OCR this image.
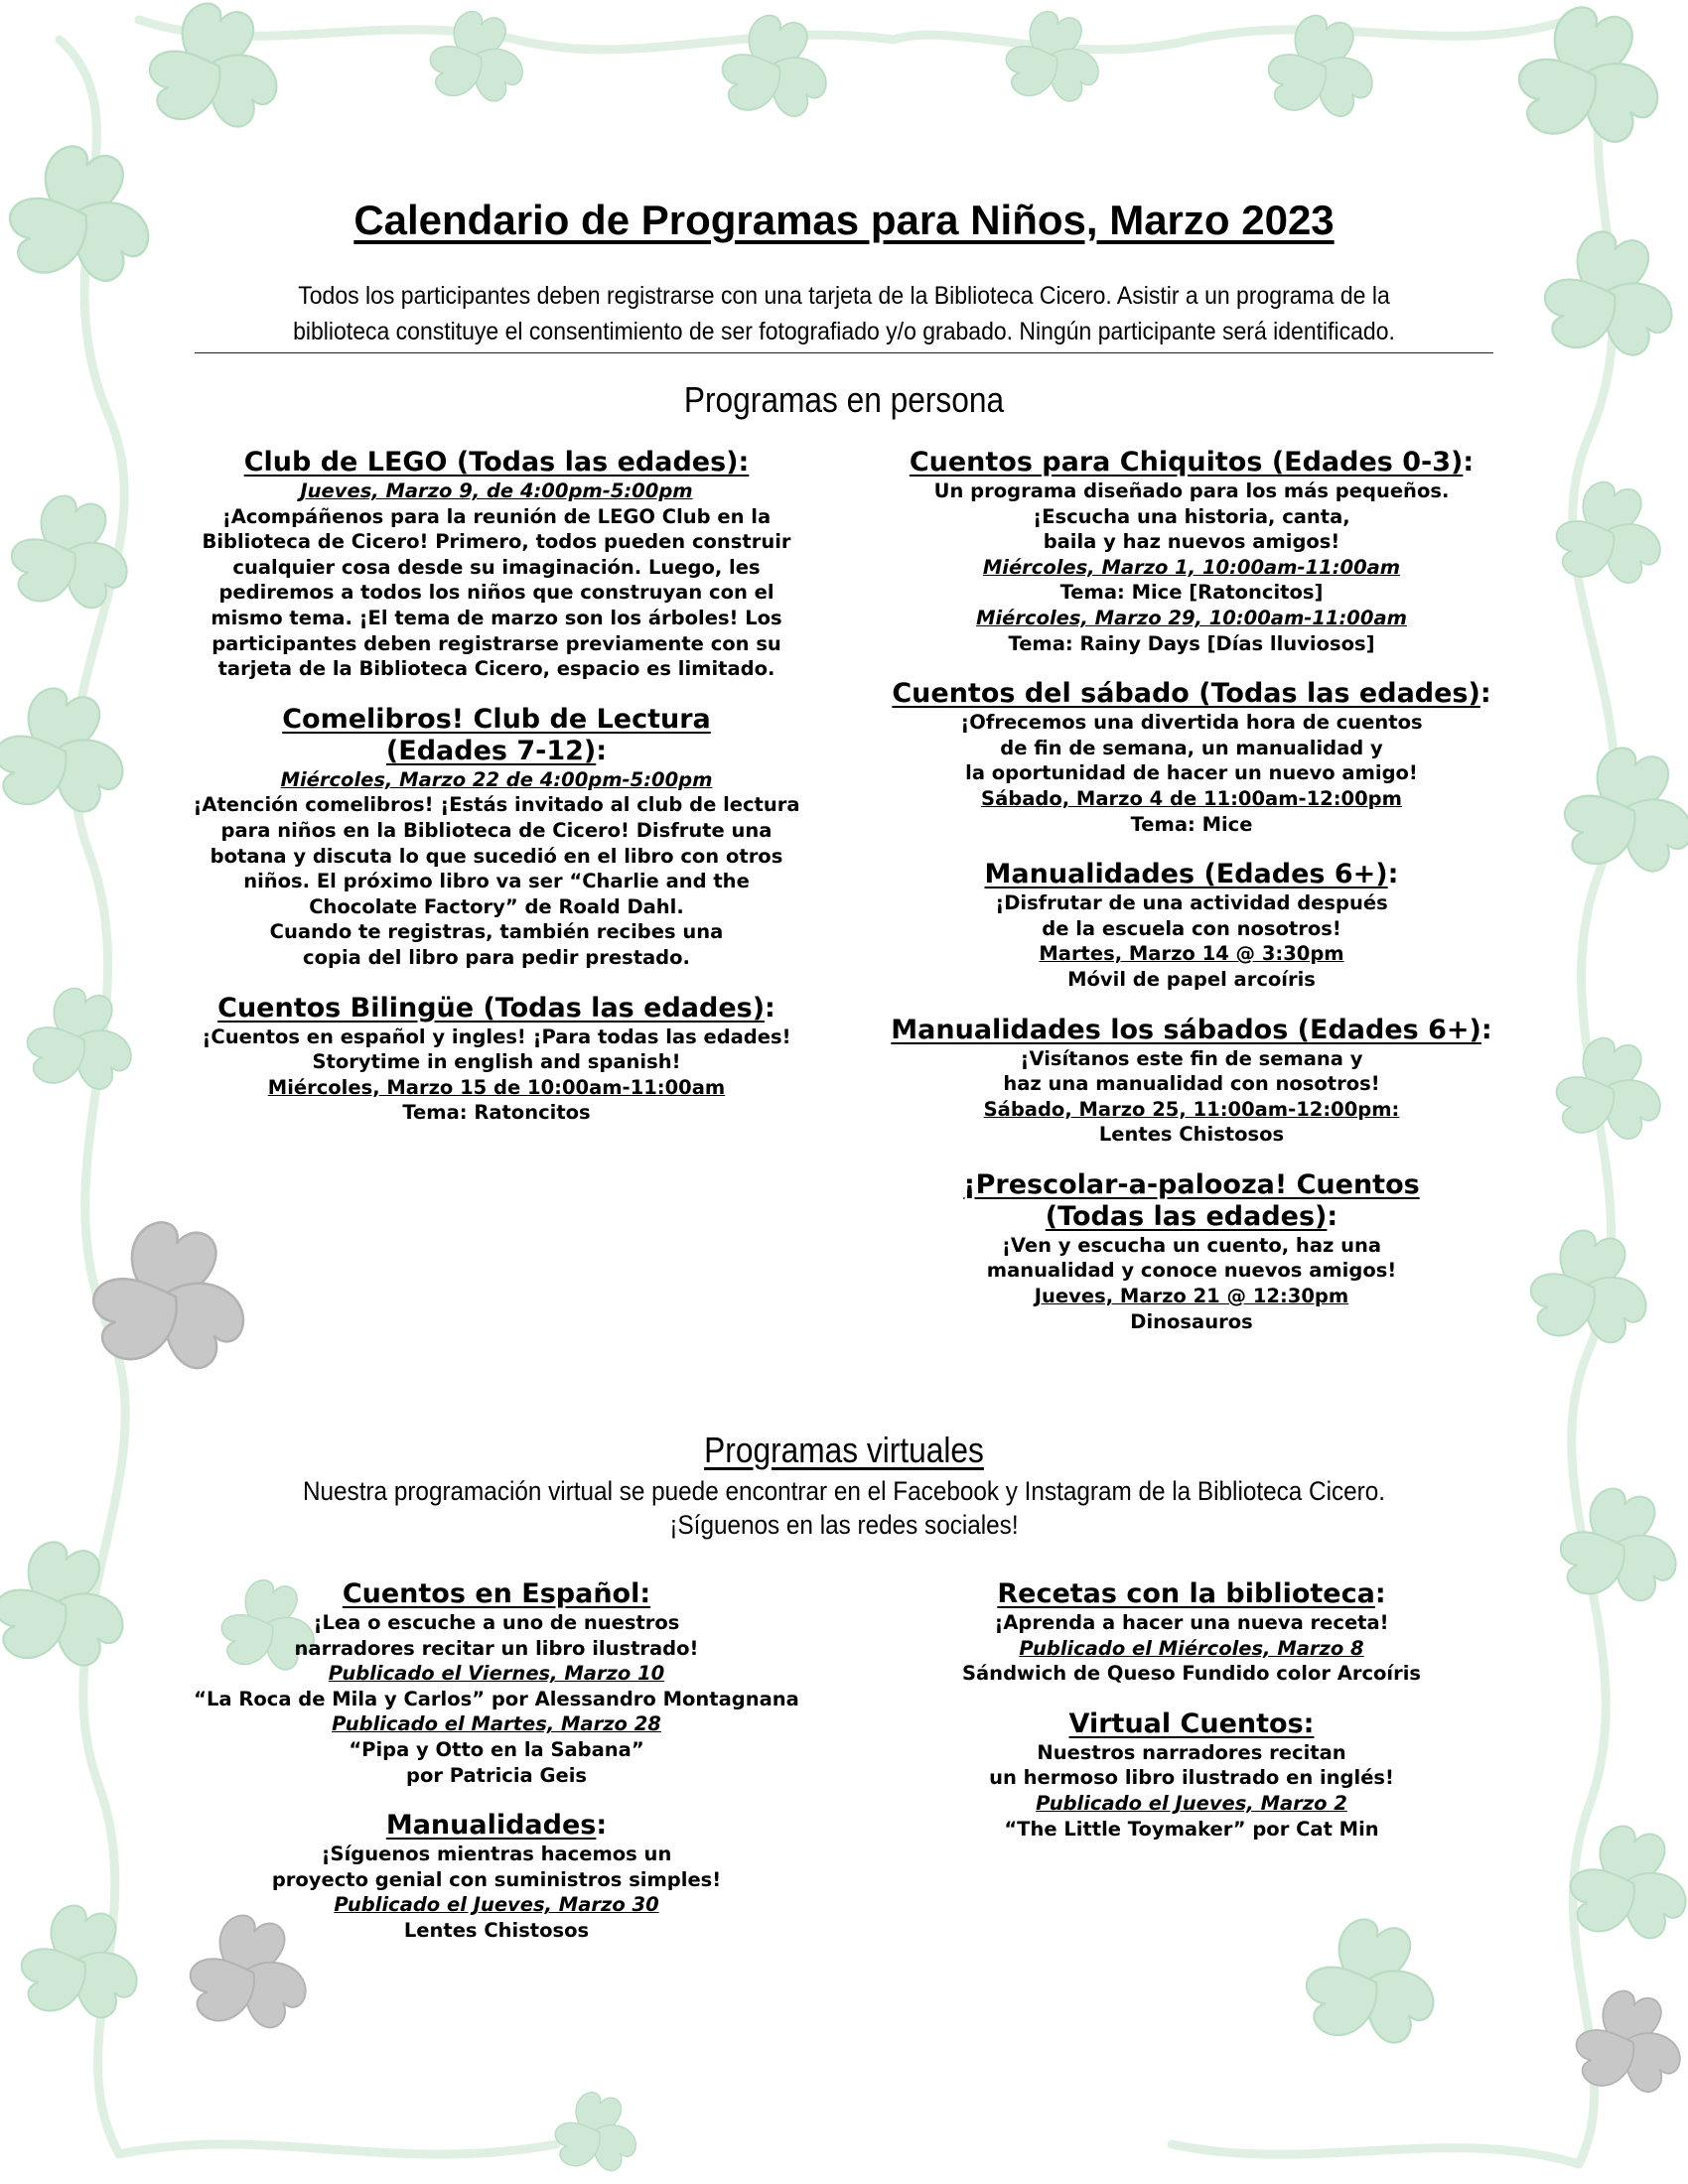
Calendario de Programas para Niños, Marzo 2023
Todos los participantes deben registrarse con una tarjeta de la Biblioteca Cicero. Asistir a un programa de la
biblioteca constituye el consentimiento de ser fotografiado y/o grabado. Ningún participante será identificado.
Programas en persona
Club de LEGO (Todas las edades):
Jueves, Marzo 9, de 4:00pm-5:00pm
¡Acompáñenos para la reunión de LEGO Club en la
Biblioteca de Cicero! Primero, todos pueden construir
cualquier cosa desde su imaginación. Luego, les
pediremos a todos los niños que construyan con el
mismo tema. ¡El tema de marzo son los árboles! Los
participantes deben registrarse previamente con su
tarjeta de la Biblioteca Cicero, espacio es limitado.
Comelibros! Club de Lectura
(Edades 7-12):
Miércoles, Marzo 22 de 4:00pm-5:00pm
¡Atención comelibros! ¡Estás invitado al club de lectura
para niños en la Biblioteca de Cicero! Disfrute una
botana y discuta lo que sucedió en el libro con otros
niños. El próximo libro va ser “Charlie and the
Chocolate Factory” de Roald Dahl.
Cuando te registras, también recibes una
copia del libro para pedir prestado.
Cuentos Bilingüe (Todas las edades):
¡Cuentos en español y ingles! ¡Para todas las edades!
Storytime in english and spanish!
Miércoles, Marzo 15 de 10:00am-11:00am
Tema: Ratoncitos
Cuentos para Chiquitos (Edades 0-3):
Un programa diseñado para los más pequeños.
¡Escucha una historia, canta,
baila y haz nuevos amigos!
Miércoles, Marzo 1, 10:00am-11:00am
Tema: Mice [Ratoncitos]
Miércoles, Marzo 29, 10:00am-11:00am
Tema: Rainy Days [Días lluviosos]
Cuentos del sábado (Todas las edades):
¡Ofrecemos una divertida hora de cuentos
de fin de semana, un manualidad y
la oportunidad de hacer un nuevo amigo!
Sábado, Marzo 4 de 11:00am-12:00pm
Tema: Mice
Manualidades (Edades 6+):
¡Disfrutar de una actividad después
de la escuela con nosotros!
Martes, Marzo 14 @ 3:30pm
Móvil de papel arcoíris
Manualidades los sábados (Edades 6+):
¡Visítanos este fin de semana y
haz una manualidad con nosotros!
Sábado, Marzo 25, 11:00am-12:00pm:
Lentes Chistosos
¡Prescolar-a-palooza! Cuentos
(Todas las edades):
¡Ven y escucha un cuento, haz una
manualidad y conoce nuevos amigos!
Jueves, Marzo 21 @ 12:30pm
Dinosauros
Programas virtuales
Nuestra programación virtual se puede encontrar en el Facebook y Instagram de la Biblioteca Cicero.
¡Síguenos en las redes sociales!
Cuentos en Español:
¡Lea o escuche a uno de nuestros
narradores recitar un libro ilustrado!
Publicado el Viernes, Marzo 10
“La Roca de Mila y Carlos” por Alessandro Montagnana
Publicado el Martes, Marzo 28
“Pipa y Otto en la Sabana”
por Patricia Geis
Manualidades:
¡Síguenos mientras hacemos un
proyecto genial con suministros simples!
Publicado el Jueves, Marzo 30
Lentes Chistosos
Recetas con la biblioteca:
¡Aprenda a hacer una nueva receta!
Publicado el Miércoles, Marzo 8
Sándwich de Queso Fundido color Arcoíris
Virtual Cuentos:
Nuestros narradores recitan
un hermoso libro ilustrado en inglés!
Publicado el Jueves, Marzo 2
“The Little Toymaker” por Cat Min
